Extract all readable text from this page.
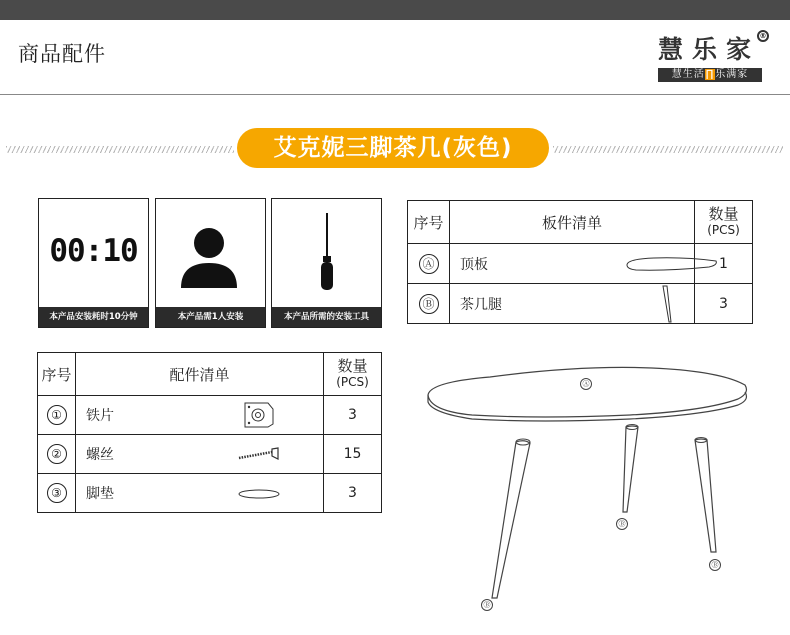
商品配件	慧乐家 ®
慧生活∏乐满家
艾克妮三脚茶几(灰色)
00:10
本产品安装耗时10分钟	本产品需1人安装	本产品所需的安装工具
序号	板件清单	数量
(PCS)

Ⓐ	顶板	1
Ⓑ	茶几腿	3
序号	配件清单	数量
(PCS)

①	铁片	3
②	螺丝	15
③	脚垫	3
Ⓐ
Ⓑ
Ⓑ
Ⓑ
